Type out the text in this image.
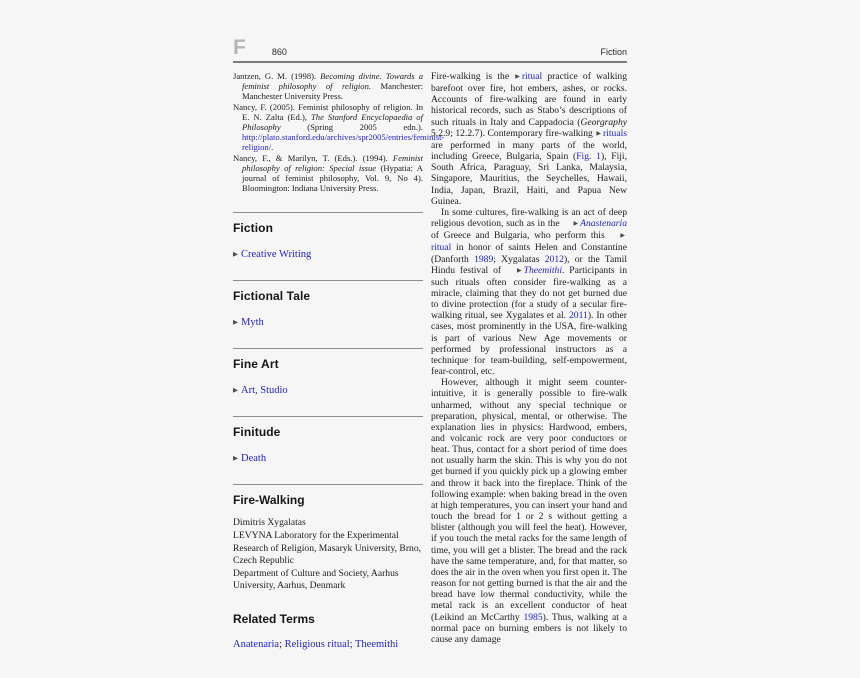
F	860	Fiction
Jantzen, G. M. (1998). Becoming divine. Towards a feminist philosophy of religion. Manchester: Manchester University Press.
Nancy, F. (2005). Feminist philosophy of religion. In E. N. Zalta (Ed.), The Stanford Encyclopaedia of Philosophy (Spring 2005 edn.). http://plato.stanford.edu/archives/spr2005/entries/feminist-religion/.
Nancy, F., & Marilyn, T. (Eds.). (1994). Feminist philosophy of religion: Special issue (Hypatia: A journal of feminist philosophy, Vol. 9, No 4). Bloomington: Indiana University Press.
Fiction
▶ Creative Writing
Fictional Tale
▶ Myth
Fine Art
▶ Art, Studio
Finitude
▶ Death
Fire-Walking
Dimitris Xygalatas
LEVYNA Laboratory for the Experimental Research of Religion, Masaryk University, Brno, Czech Republic
Department of Culture and Society, Aarhus University, Aarhus, Denmark
Related Terms
Anatenaria; Religious ritual; Theemithi

Fire-walking is the ▶ ritual practice of walking barefoot over fire, hot embers, ashes, or rocks. Accounts of fire-walking are found in early historical records, such as Stabo’s descriptions of such rituals in Italy and Cappadocia (Georgraphy 5.2.9; 12.2.7). Contemporary fire-walking ▶ rituals are performed in many parts of the world, including Greece, Bulgaria, Spain (Fig. 1), Fiji, South Africa, Paraguay, Sri Lanka, Malaysia, Singapore, Mauritius, the Seychelles, Hawaii, India, Japan, Brazil, Haiti, and Papua New Guinea.

In some cultures, fire-walking is an act of deep religious devotion, such as in the ▶ Anastenaria of Greece and Bulgaria, who perform this ▶ritual in honor of saints Helen and Constantine (Danforth 1989; Xygalatas 2012), or the Tamil Hindu festival of ▶ Theemithi. Participants in such rituals often consider fire-walking as a miracle, claiming that they do not get burned due to divine protection (for a study of a secular fire-walking ritual, see Xygalates et al. 2011). In other cases, most prominently in the USA, fire-walking is part of various New Age movements or performed by professional instructors as a technique for team-building, self-empowerment, fear-control, etc.

However, although it might seem counter-intuitive, it is generally possible to fire-walk unharmed, without any special technique or preparation, physical, mental, or otherwise. The explanation lies in physics: Hardwood, embers, and volcanic rock are very poor conductors or heat. Thus, contact for a short period of time does not usually harm the skin. This is why you do not get burned if you quickly pick up a glowing ember and throw it back into the fireplace. Think of the following example: when baking bread in the oven at high temperatures, you can insert your hand and touch the bread for 1 or 2 s without getting a blister (although you will feel the heat). However, if you touch the metal racks for the same length of time, you will get a blister. The bread and the rack have the same temperature, and, for that matter, so does the air in the oven when you first open it. The reason for not getting burned is that the air and the bread have low thermal conductivity, while the metal rack is an excellent conductor of heat (Leikind an McCarthy 1985). Thus, walking at a normal pace on burning embers is not likely to cause any damage
